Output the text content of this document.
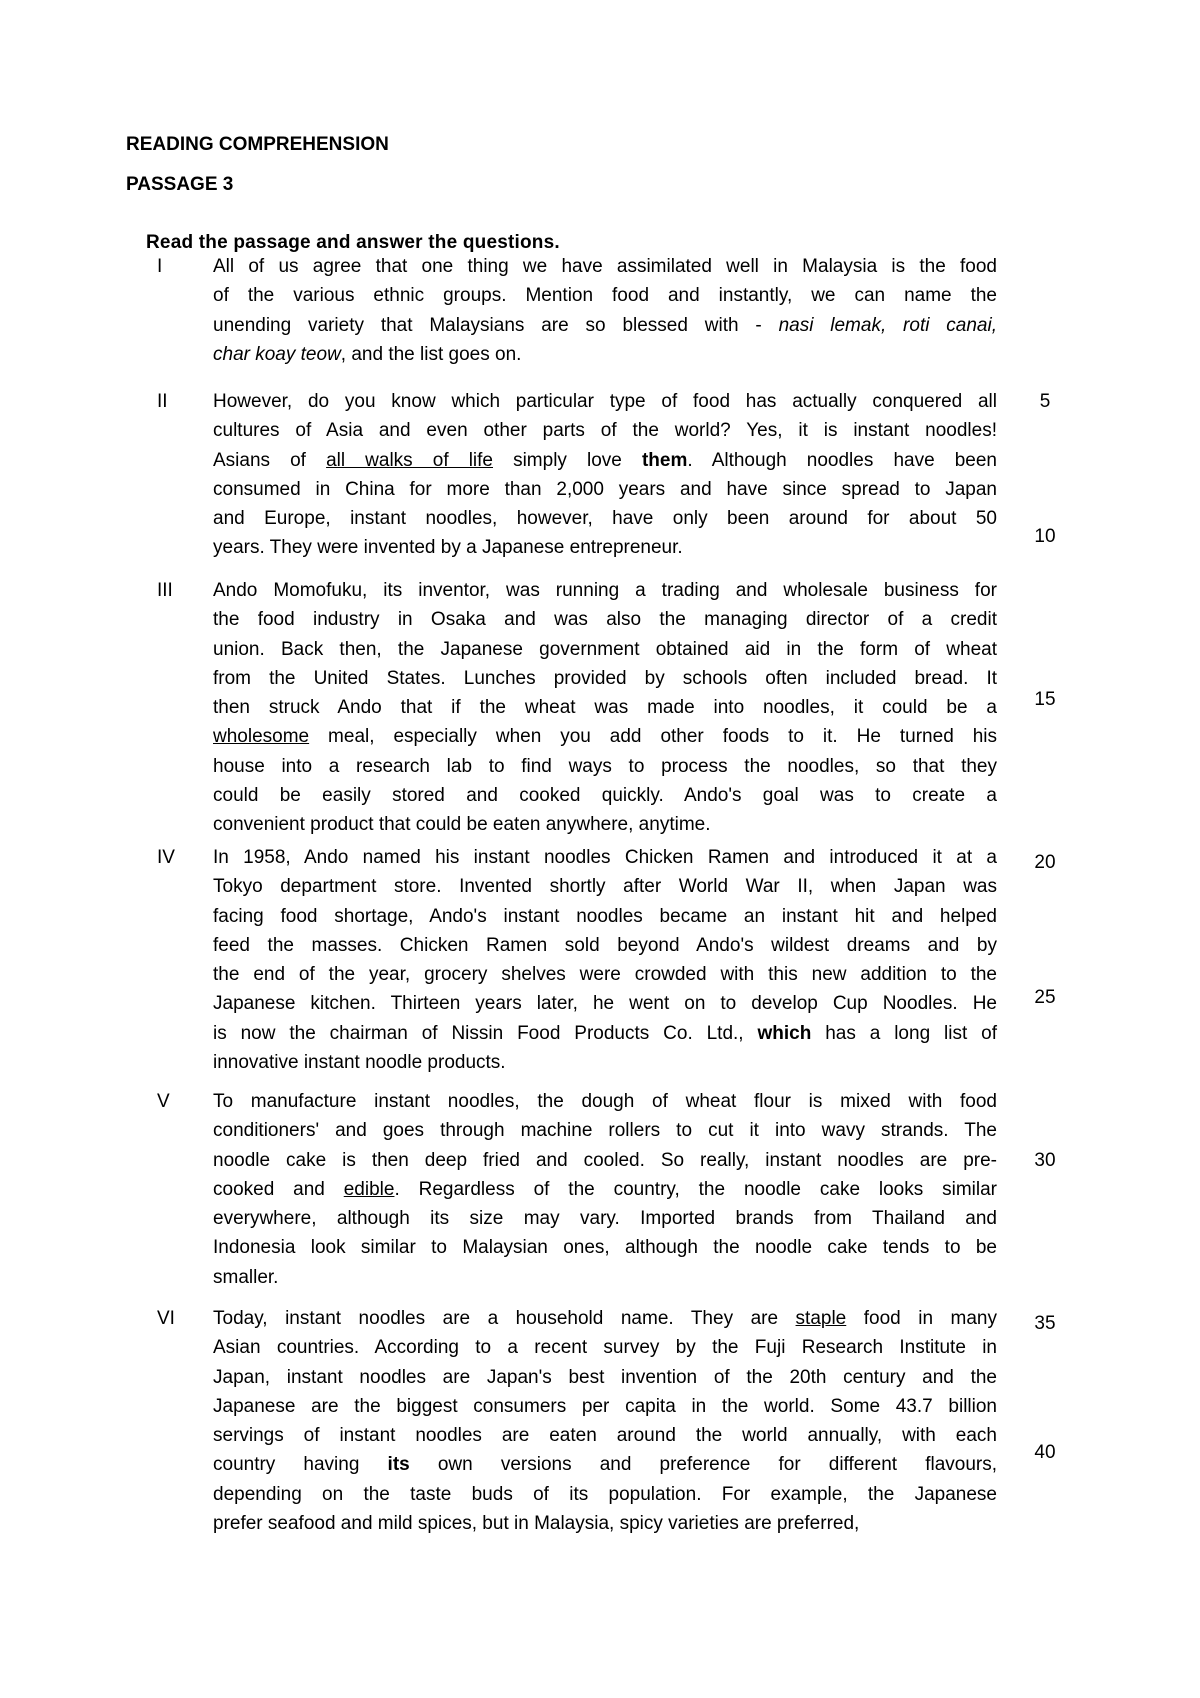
READING COMPREHENSION
PASSAGE 3
Read the passage and answer the questions.
I	All of us agree that one thing we have assimilated well in Malaysia is the food
of the various ethnic groups. Mention food and instantly, we can name the
unending variety that Malaysians are so blessed with - nasi lemak, roti canai,
char koay teow, and the list goes on.
II However, do you know which particular type of food has actually conquered all
cultures of Asia and even other parts of the world? Yes, it is instant noodles!
Asians of all walks of life simply love them. Although noodles have been
consumed in China for more than 2,000 years and have since spread to Japan
and Europe, instant noodles, however, have only been around for about 50
years. They were invented by a Japanese entrepreneur.
III Ando Momofuku, its inventor, was running a trading and wholesale business for
the food industry in Osaka and was also the managing director of a credit
union. Back then, the Japanese government obtained aid in the form of wheat
from the United States. Lunches provided by schools often included bread. It
then struck Ando that if the wheat was made into noodles, it could be a
wholesome meal, especially when you add other foods to it. He turned his
house into a research lab to find ways to process the noodles, so that they
could be easily stored and cooked quickly. Ando's goal was to create a
convenient product that could be eaten anywhere, anytime.
IV In 1958, Ando named his instant noodles Chicken Ramen and introduced it at a
Tokyo department store. Invented shortly after World War II, when Japan was
facing food shortage, Ando's instant noodles became an instant hit and helped
feed the masses. Chicken Ramen sold beyond Ando's wildest dreams and by
the end of the year, grocery shelves were crowded with this new addition to the
Japanese kitchen. Thirteen years later, he went on to develop Cup Noodles. He
is now the chairman of Nissin Food Products Co. Ltd., which has a long list of
innovative instant noodle products.
V To manufacture instant noodles, the dough of wheat flour is mixed with food
conditioners' and goes through machine rollers to cut it into wavy strands. The
noodle cake is then deep fried and cooled. So really, instant noodles are pre-
cooked and edible. Regardless of the country, the noodle cake looks similar
everywhere, although its size may vary. Imported brands from Thailand and
Indonesia look similar to Malaysian ones, although the noodle cake tends to be
smaller.
VI Today, instant noodles are a household name. They are staple food in many
Asian countries. According to a recent survey by the Fuji Research Institute in
Japan, instant noodles are Japan's best invention of the 20th century and the
Japanese are the biggest consumers per capita in the world. Some 43.7 billion
servings of instant noodles are eaten around the world annually, with each
country having its own versions and preference for different flavours,
depending on the taste buds of its population. For example, the Japanese
prefer seafood and mild spices, but in Malaysia, spicy varieties are preferred,
5
10
15
20
25
30
35
40
